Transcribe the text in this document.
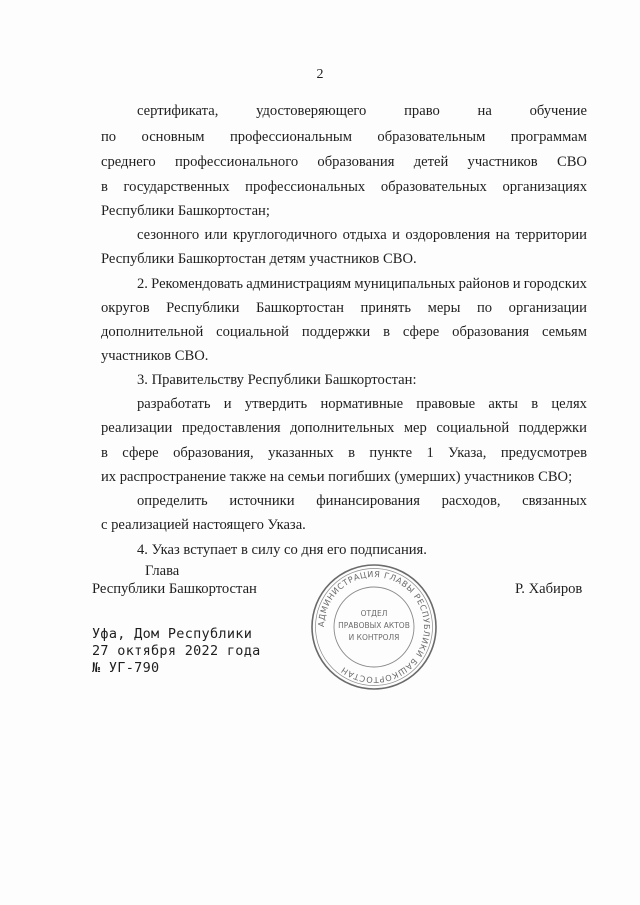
2
сертификата,	удостоверяющего	право	на	обучение
по основным профессиональным образовательным программам
среднего профессионального образования детей участников СВО
в государственных профессиональных образовательных организациях
Республики Башкортостан;
сезонного или круглогодичного отдыха и оздоровления на территории
Республики Башкортостан детям участников СВО.
2. Рекомендовать администрациям муниципальных районов и городских
округов Республики Башкортостан принять меры по организации
дополнительной социальной поддержки в сфере образования семьям
участников СВО.
3. Правительству Республики Башкортостан:
разработать и утвердить нормативные правовые акты в целях
реализации предоставления дополнительных мер социальной поддержки
в сфере образования, указанных в пункте 1 Указа, предусмотрев
их распространение также на семьи погибших (умерших) участников СВО;
определить источники финансирования расходов, связанных
с реализацией настоящего Указа.
4. Указ вступает в силу со дня его подписания.
Глава
Республики Башкортостан	Р. Хабиров
Уфа, Дом Республики
27 октября 2022 года
№ УГ-790
АДМИНИСТРАЦИЯ ГЛАВЫ РЕСПУБЛИКИ БАШКОРТОСТАН
ОТДЕЛ
ПРАВОВЫХ АКТОВ
И КОНТРОЛЯ
